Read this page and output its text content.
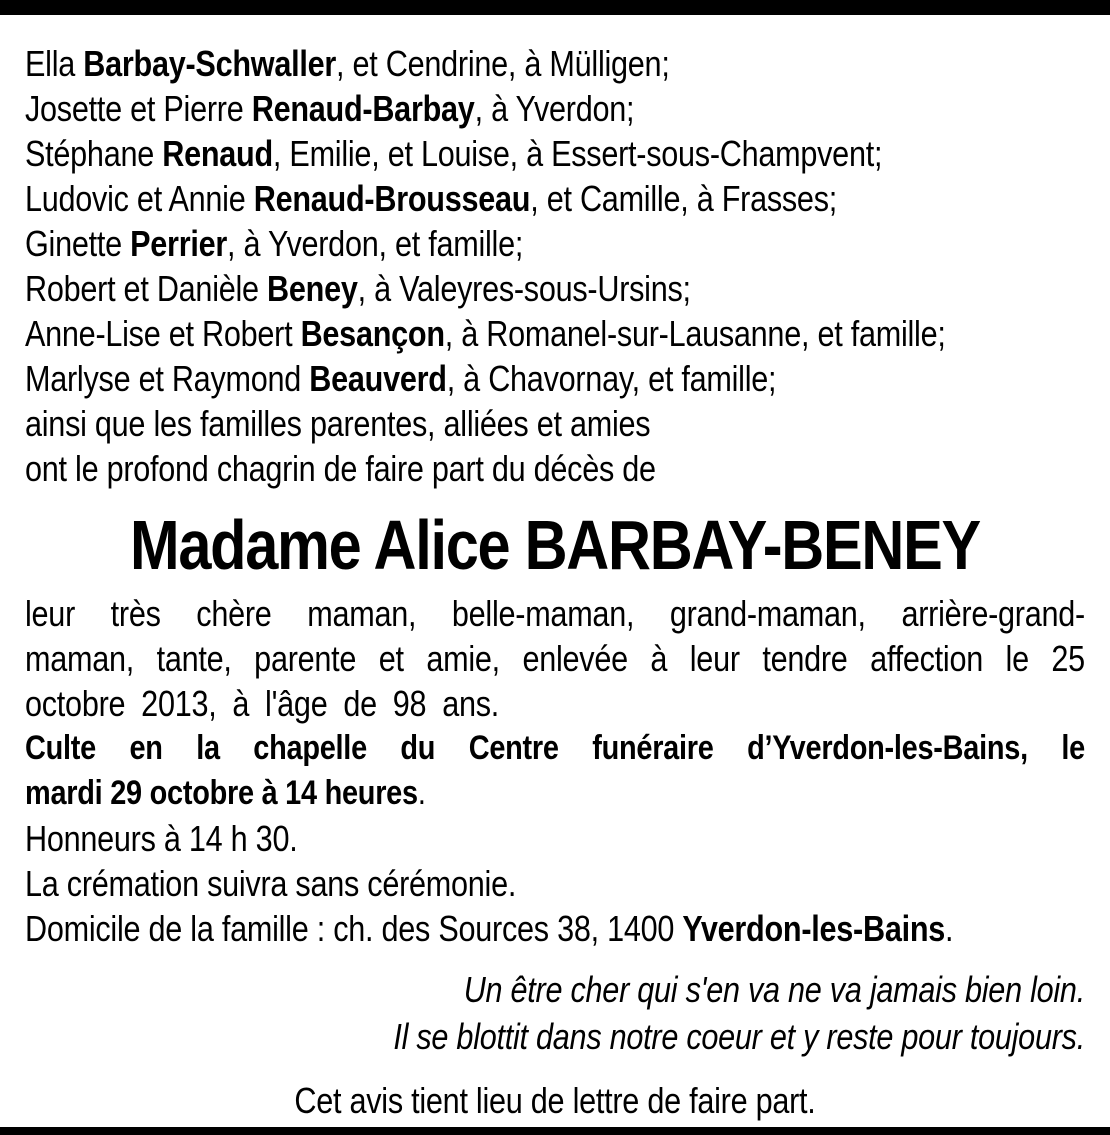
Ella Barbay-Schwaller, et Cendrine, à Mülligen;
Josette et Pierre Renaud-Barbay, à Yverdon;
Stéphane Renaud, Emilie, et Louise, à Essert-sous-Champvent;
Ludovic et Annie Renaud-Brousseau, et Camille, à Frasses;
Ginette Perrier, à Yverdon, et famille;
Robert et Danièle Beney, à Valeyres-sous-Ursins;
Anne-Lise et Robert Besançon, à Romanel-sur-Lausanne, et famille;
Marlyse et Raymond Beauverd, à Chavornay, et famille;
ainsi que les familles parentes, alliées et amies
ont le profond chagrin de faire part du décès de
Madame Alice BARBAY-BENEY
leur très chère maman, belle-maman, grand-maman, arrière-grand-
maman, tante, parente et amie, enlevée à leur tendre affection le 25
octobre 2013, à l'âge de 98 ans.
Culte en la chapelle du Centre funéraire d’Yverdon-les-Bains, le
mardi 29 octobre à 14 heures.
Honneurs à 14 h 30.
La crémation suivra sans cérémonie.
Domicile de la famille : ch. des Sources 38, 1400 Yverdon-les-Bains.
Un être cher qui s'en va ne va jamais bien loin.
Il se blottit dans notre coeur et y reste pour toujours.
Cet avis tient lieu de lettre de faire part.
